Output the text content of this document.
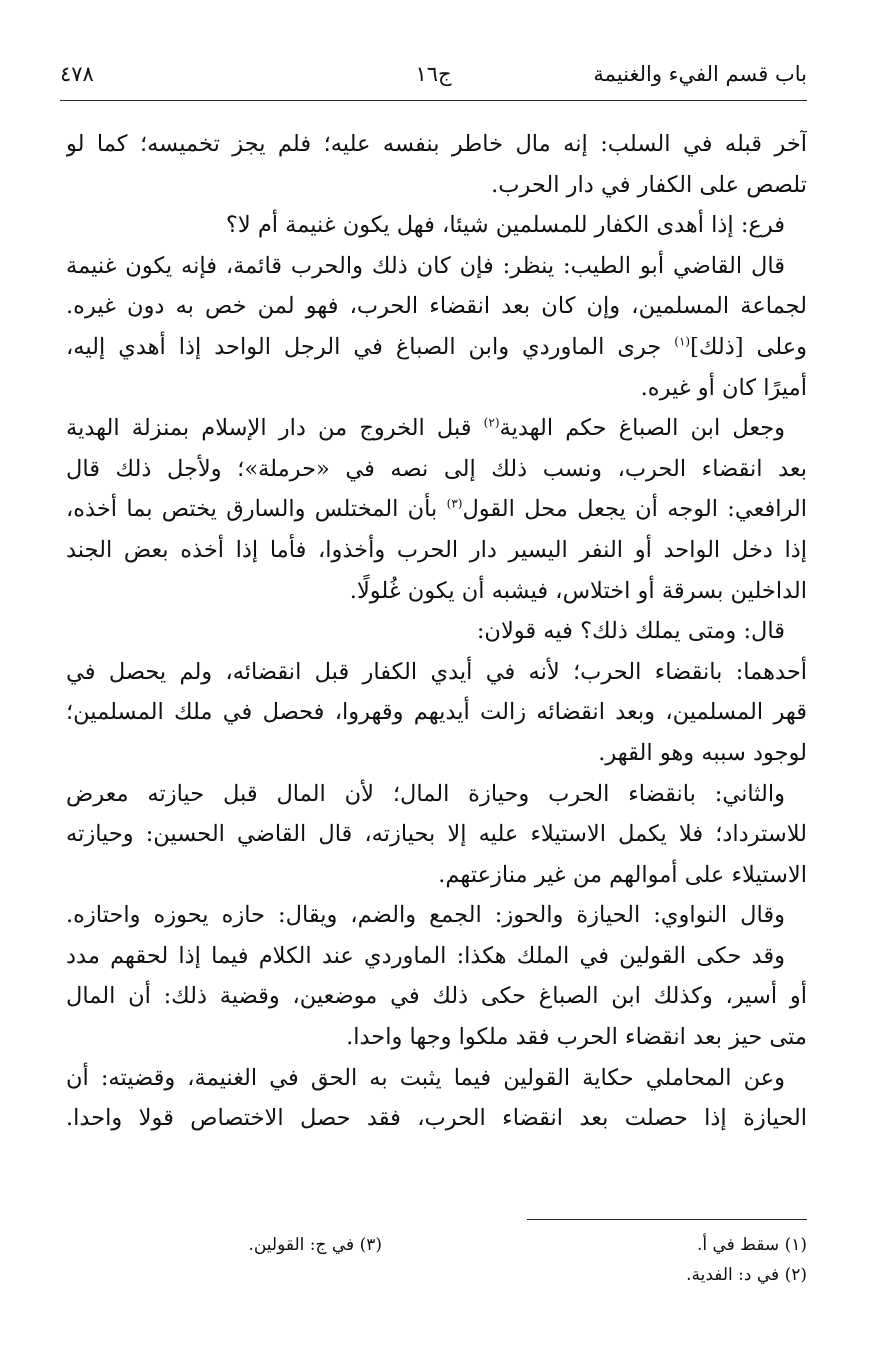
باب قسم الفيء والغنيمة
ج١٦
٤٧٨
آخر قبله في السلب: إنه مال خاطر بنفسه عليه؛ فلم يجز تخميسه؛ كما لو
تلصص على الكفار في دار الحرب.
فرع: إذا أهدى الكفار للمسلمين شيئا، فهل يكون غنيمة أم لا؟
قال القاضي أبو الطيب: ينظر: فإن كان ذلك والحرب قائمة، فإنه يكون غنيمة
لجماعة المسلمين، وإن كان بعد انقضاء الحرب، فهو لمن خص به دون غيره.
وعلى [ذلك]$^{(١)}$ جرى الماوردي وابن الصباغ في الرجل الواحد إذا أهدي إليه،
أميرًا كان أو غيره.
وجعل ابن الصباغ حكم الهدية$^{(٢)}$ قبل الخروج من دار الإسلام بمنزلة الهدية
بعد انقضاء الحرب، ونسب ذلك إلى نصه في «حرملة»؛ ولأجل ذلك قال
الرافعي: الوجه أن يجعل محل القول$^{(٣)}$ بأن المختلس والسارق يختص بما أخذه،
إذا دخل الواحد أو النفر اليسير دار الحرب وأخذوا، فأما إذا أخذه بعض الجند
الداخلين بسرقة أو اختلاس، فيشبه أن يكون غُلولًا.
قال: ومتى يملك ذلك؟ فيه قولان:
أحدهما: بانقضاء الحرب؛ لأنه في أيدي الكفار قبل انقضائه، ولم يحصل في
قهر المسلمين، وبعد انقضائه زالت أيديهم وقهروا، فحصل في ملك المسلمين؛
لوجود سببه وهو القهر.
والثاني: بانقضاء الحرب وحيازة المال؛ لأن المال قبل حيازته معرض
للاسترداد؛ فلا يكمل الاستيلاء عليه إلا بحيازته، قال القاضي الحسين: وحيازته
الاستيلاء على أموالهم من غير منازعتهم.
وقال النواوي: الحيازة والحوز: الجمع والضم، ويقال: حازه يحوزه واحتازه.
وقد حكى القولين في الملك هكذا: الماوردي عند الكلام فيما إذا لحقهم مدد
أو أسير، وكذلك ابن الصباغ حكى ذلك في موضعين، وقضية ذلك: أن المال
متى حيز بعد انقضاء الحرب فقد ملكوا وجها واحدا.
وعن المحاملي حكاية القولين فيما يثبت به الحق في الغنيمة، وقضيته: أن
الحيازة إذا حصلت بعد انقضاء الحرب، فقد حصل الاختصاص قولا واحدا.
(١) سقط في أ.
(٣) في ج: القولين.
(٢) في د: الفدية.
